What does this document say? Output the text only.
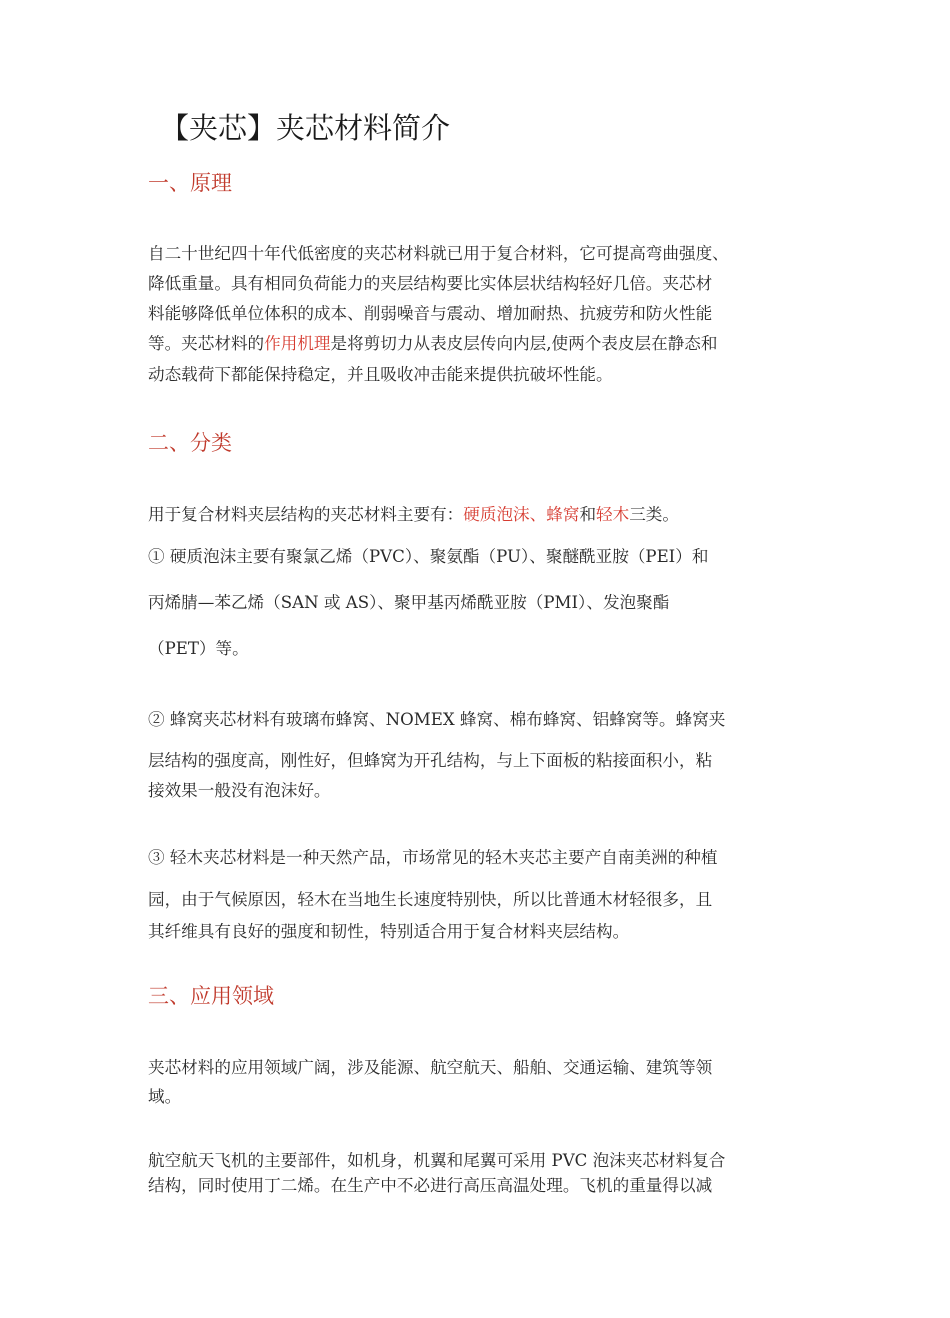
【夹芯】夹芯材料简介
一、原理
自二十世纪四十年代低密度的夹芯材料就已用于复合材料，它可提高弯曲强度、
降低重量。具有相同负荷能力的夹层结构要比实体层状结构轻好几倍。夹芯材
料能够降低单位体积的成本、削弱噪音与震动、增加耐热、抗疲劳和防火性能
等。夹芯材料的作用机理是将剪切力从表皮层传向内层,使两个表皮层在静态和
动态载荷下都能保持稳定，并且吸收冲击能来提供抗破坏性能。
二、分类
用于复合材料夹层结构的夹芯材料主要有：硬质泡沫、蜂窝和轻木三类。
① 硬质泡沫主要有聚氯乙烯（PVC）、聚氨酯（PU）、聚醚酰亚胺（PEI）和
丙烯腈—苯乙烯（SAN 或 AS）、聚甲基丙烯酰亚胺（PMI）、发泡聚酯
（PET）等。
② 蜂窝夹芯材料有玻璃布蜂窝、NOMEX 蜂窝、棉布蜂窝、铝蜂窝等。蜂窝夹
层结构的强度高，刚性好，但蜂窝为开孔结构，与上下面板的粘接面积小，粘
接效果一般没有泡沫好。
③ 轻木夹芯材料是一种天然产品，市场常见的轻木夹芯主要产自南美洲的种植
园，由于气候原因，轻木在当地生长速度特别快，所以比普通木材轻很多，且
其纤维具有良好的强度和韧性，特别适合用于复合材料夹层结构。
三、应用领域
夹芯材料的应用领域广阔，涉及能源、航空航天、船舶、交通运输、建筑等领
域。
航空航天飞机的主要部件，如机身，机翼和尾翼可采用 PVC 泡沫夹芯材料复合
结构，同时使用丁二烯。在生产中不必进行高压高温处理。飞机的重量得以减
